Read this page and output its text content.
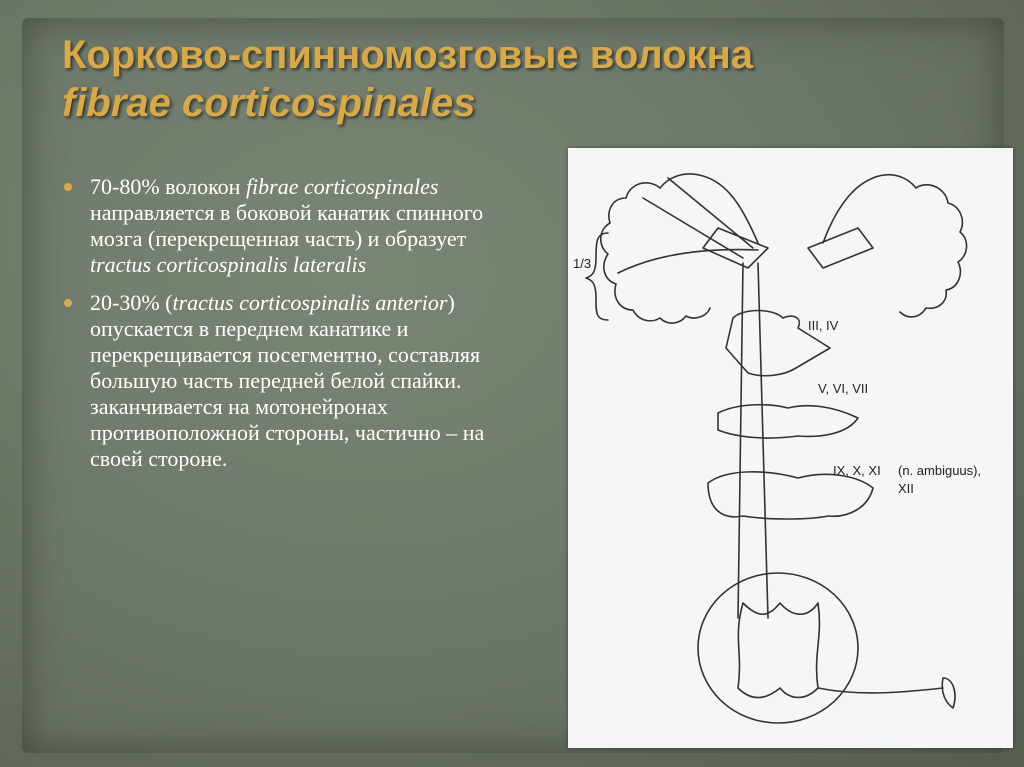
Корково-спинномозговые волокна
fibrae corticospinales
70-80% волокон fibrae corticospinales направляется в боковой канатик спинного мозга (перекрещенная часть) и образует tractus corticospinalis lateralis
20-30% (tractus corticospinalis anterior) опускается в переднем канатике и перекрещивается посегментно, составляя большую часть передней белой спайки. заканчивается на мотонейронах противоположной стороны, частично – на своей стороне.
1/3
III, IV
V, VI, VII
IX, X, XI (n. ambiguus),
XII
